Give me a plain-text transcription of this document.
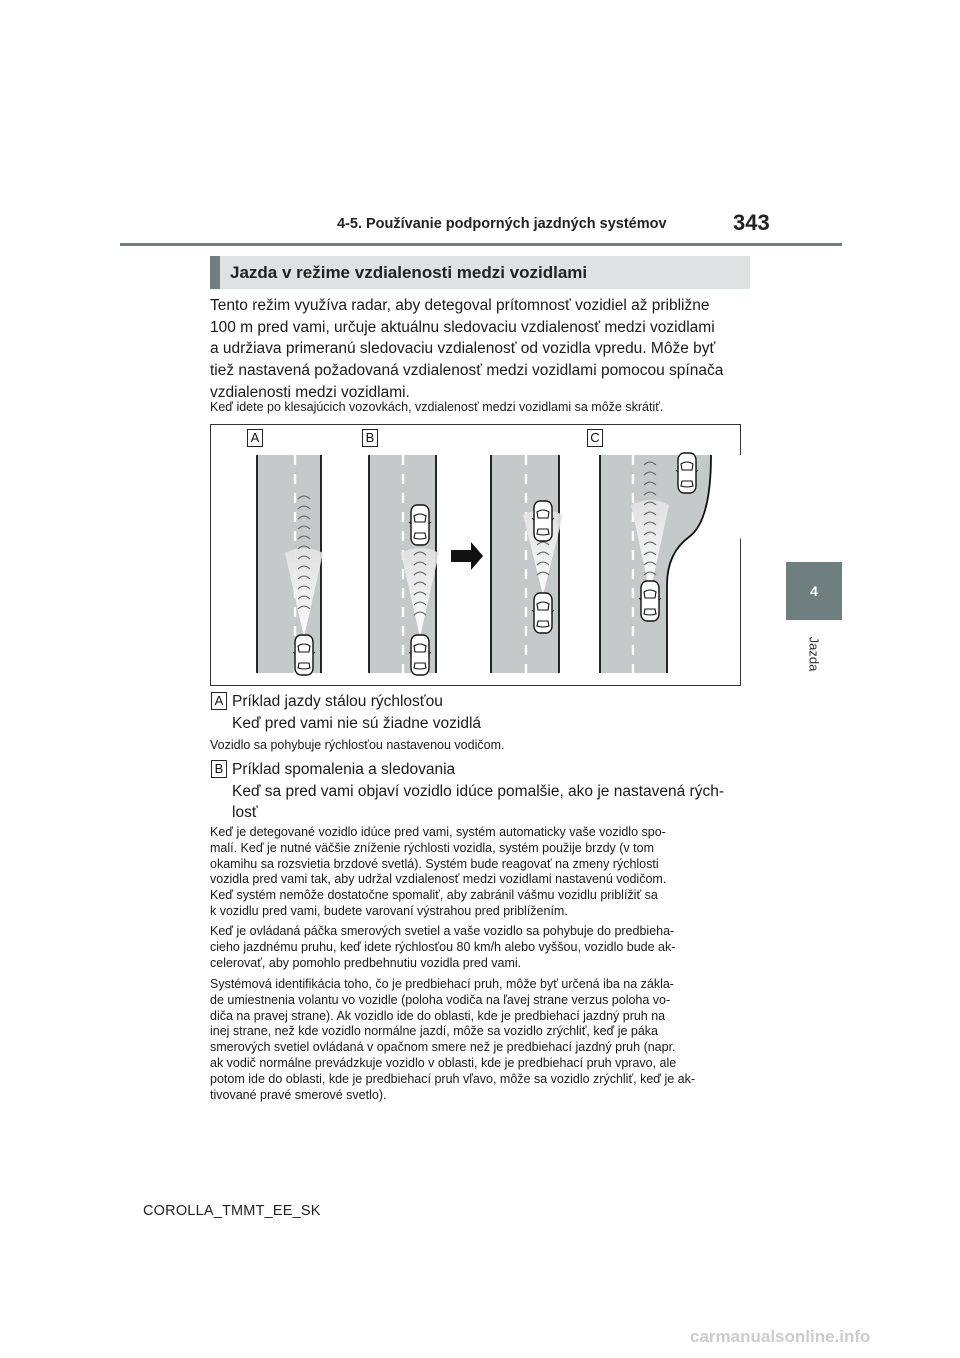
4-5. Používanie podporných jazdných systémov	343
4
Jazda
Jazda v režime vzdialenosti medzi vozidlami
Tento režim využíva radar, aby detegoval prítomnosť vozidiel až približne
100 m pred vami, určuje aktuálnu sledovaciu vzdialenosť medzi vozidlami
a udržiava primeranú sledovaciu vzdialenosť od vozidla vpredu. Môže byť
tiež nastavená požadovaná vzdialenosť medzi vozidlami pomocou spínača
vzdialenosti medzi vozidlami.
Keď idete po klesajúcich vozovkách, vzdialenosť medzi vozidlami sa môže skrátiť.
A	B	C
A Príklad jazdy stálou rýchlosťou
Keď pred vami nie sú žiadne vozidlá
Vozidlo sa pohybuje rýchlosťou nastavenou vodičom.
B Príklad spomalenia a sledovania
Keď sa pred vami objaví vozidlo idúce pomalšie, ako je nastavená rých-
losť
Keď je detegované vozidlo idúce pred vami, systém automaticky vaše vozidlo spo-
malí. Keď je nutné väčšie zníženie rýchlosti vozidla, systém použije brzdy (v tom
okamihu sa rozsvietia brzdové svetlá). Systém bude reagovať na zmeny rýchlosti
vozidla pred vami tak, aby udržal vzdialenosť medzi vozidlami nastavenú vodičom.
Keď systém nemôže dostatočne spomaliť, aby zabránil vášmu vozidlu priblížiť sa
k vozidlu pred vami, budete varovaní výstrahou pred priblížením.
Keď je ovládaná páčka smerových svetiel a vaše vozidlo sa pohybuje do predbieha-
cieho jazdnému pruhu, keď idete rýchlosťou 80 km/h alebo vyššou, vozidlo bude ak-
celerovať, aby pomohlo predbehnutiu vozidla pred vami.
Systémová identifikácia toho, čo je predbiehací pruh, môže byť určená iba na zákla-
de umiestnenia volantu vo vozidle (poloha vodiča na ľavej strane verzus poloha vo-
diča na pravej strane). Ak vozidlo ide do oblasti, kde je predbiehací jazdný pruh na
inej strane, než kde vozidlo normálne jazdí, môže sa vozidlo zrýchliť, keď je páka
smerových svetiel ovládaná v opačnom smere než je predbiehací jazdný pruh (napr.
ak vodič normálne prevádzkuje vozidlo v oblasti, kde je predbiehací pruh vpravo, ale
potom ide do oblasti, kde je predbiehací pruh vľavo, môže sa vozidlo zrýchliť, keď je ak-
tivované pravé smerové svetlo).
COROLLA_TMMT_EE_SK
carmanualsonline.info
